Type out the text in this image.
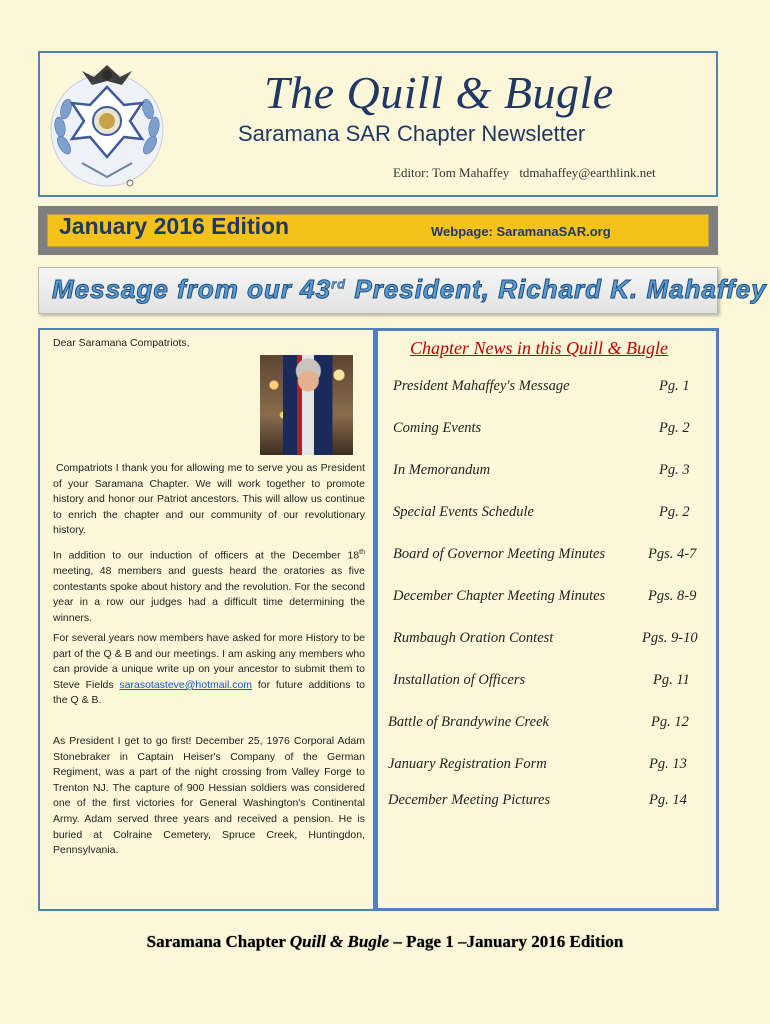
The Quill & Bugle
Saramana SAR Chapter Newsletter
Editor: Tom Mahaffey tdmahaffey@earthlink.net
January 2016 Edition	Webpage: SaramanaSAR.org
Message from our 43rd President, Richard K. Mahaffey

Dear Saramana Compatriots,

Compatriots I thank you for allowing me to serve you as President of your Saramana Chapter. We will work together to promote history and honor our Patriot ancestors. This will allow us continue to enrich the chapter and our community of our revolutionary history.

In addition to our induction of officers at the December 18th meeting, 48 members and guests heard the oratories as five contestants spoke about history and the revolution. For the second year in a row our judges had a difficult time determining the winners.

For several years now members have asked for more History to be part of the Q & B and our meetings. I am asking any members who can provide a unique write up on your ancestor to submit them to Steve Fields sarasotasteve@hotmail.com for future additions to the Q & B.

As President I get to go first! December 25, 1976 Corporal Adam Stonebraker in Captain Heiser's Company of the German Regiment, was a part of the night crossing from Valley Forge to Trenton NJ. The capture of 900 Hessian soldiers was considered one of the first victories for General Washington's Continental Army. Adam served three years and received a pension. He is buried at Colraine Cemetery, Spruce Creek, Huntingdon, Pennsylvania.

Chapter News in this Quill & Bugle
President Mahaffey's Message	Pg. 1
Coming Events	Pg. 2
In Memorandum	Pg. 3
Special Events Schedule	Pg. 2
Board of Governor Meeting Minutes	Pgs. 4-7
December Chapter Meeting Minutes	Pgs. 8-9
Rumbaugh Oration Contest	Pgs. 9-10
Installation of Officers	Pg. 11
Battle of Brandywine Creek	Pg. 12
January Registration Form	Pg. 13
December Meeting Pictures	Pg. 14
Saramana Chapter Quill & Bugle – Page 1 –January 2016 Edition
